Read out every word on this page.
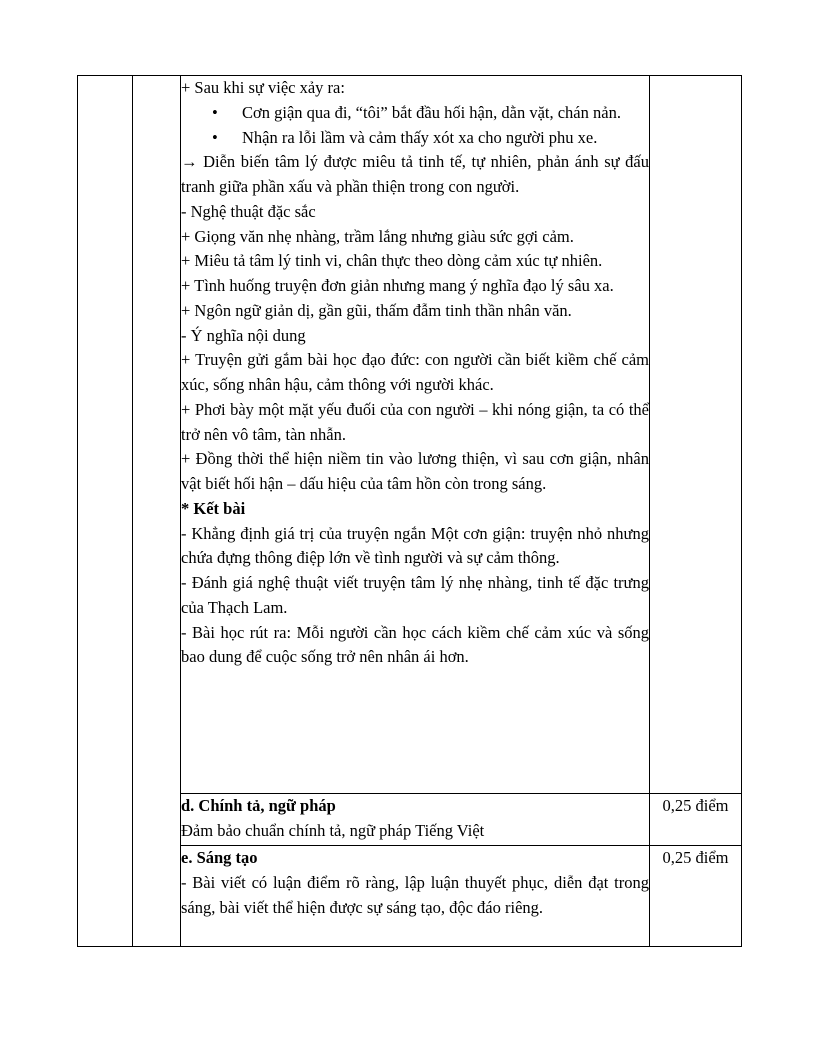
+ Sau khi sự việc xảy ra:

• Cơn giận qua đi, “tôi” bắt đầu hối hận, dằn vặt, chán nản.

• Nhận ra lỗi lầm và cảm thấy xót xa cho người phu xe.

→ Diễn biến tâm lý được miêu tả tinh tế, tự nhiên, phản ánh sự đấu tranh giữa phần xấu và phần thiện trong con người.

- Nghệ thuật đặc sắc

+ Giọng văn nhẹ nhàng, trầm lắng nhưng giàu sức gợi cảm.

+ Miêu tả tâm lý tinh vi, chân thực theo dòng cảm xúc tự nhiên.

+ Tình huống truyện đơn giản nhưng mang ý nghĩa đạo lý sâu xa.

+ Ngôn ngữ giản dị, gần gũi, thấm đẫm tinh thần nhân văn.

- Ý nghĩa nội dung

+ Truyện gửi gắm bài học đạo đức: con người cần biết kiềm chế cảm xúc, sống nhân hậu, cảm thông với người khác.

+ Phơi bày một mặt yếu đuối của con người – khi nóng giận, ta có thể trở nên vô tâm, tàn nhẫn.

+ Đồng thời thể hiện niềm tin vào lương thiện, vì sau cơn giận, nhân vật biết hối hận – dấu hiệu của tâm hồn còn trong sáng.

* Kết bài

- Khẳng định giá trị của truyện ngắn Một cơn giận: truyện nhỏ nhưng chứa đựng thông điệp lớn về tình người và sự cảm thông.

- Đánh giá nghệ thuật viết truyện tâm lý nhẹ nhàng, tinh tế đặc trưng của Thạch Lam.

- Bài học rút ra: Mỗi người cần học cách kiềm chế cảm xúc và sống bao dung để cuộc sống trở nên nhân ái hơn.

		d. Chính tả, ngữ pháp

Đảm bảo chuẩn chính tả, ngữ pháp Tiếng Việt	0,25 điểm

		e. Sáng tạo

- Bài viết có luận điểm rõ ràng, lập luận thuyết phục, diễn đạt trong sáng, bài viết thể hiện được sự sáng tạo, độc đáo riêng.	0,25 điểm
